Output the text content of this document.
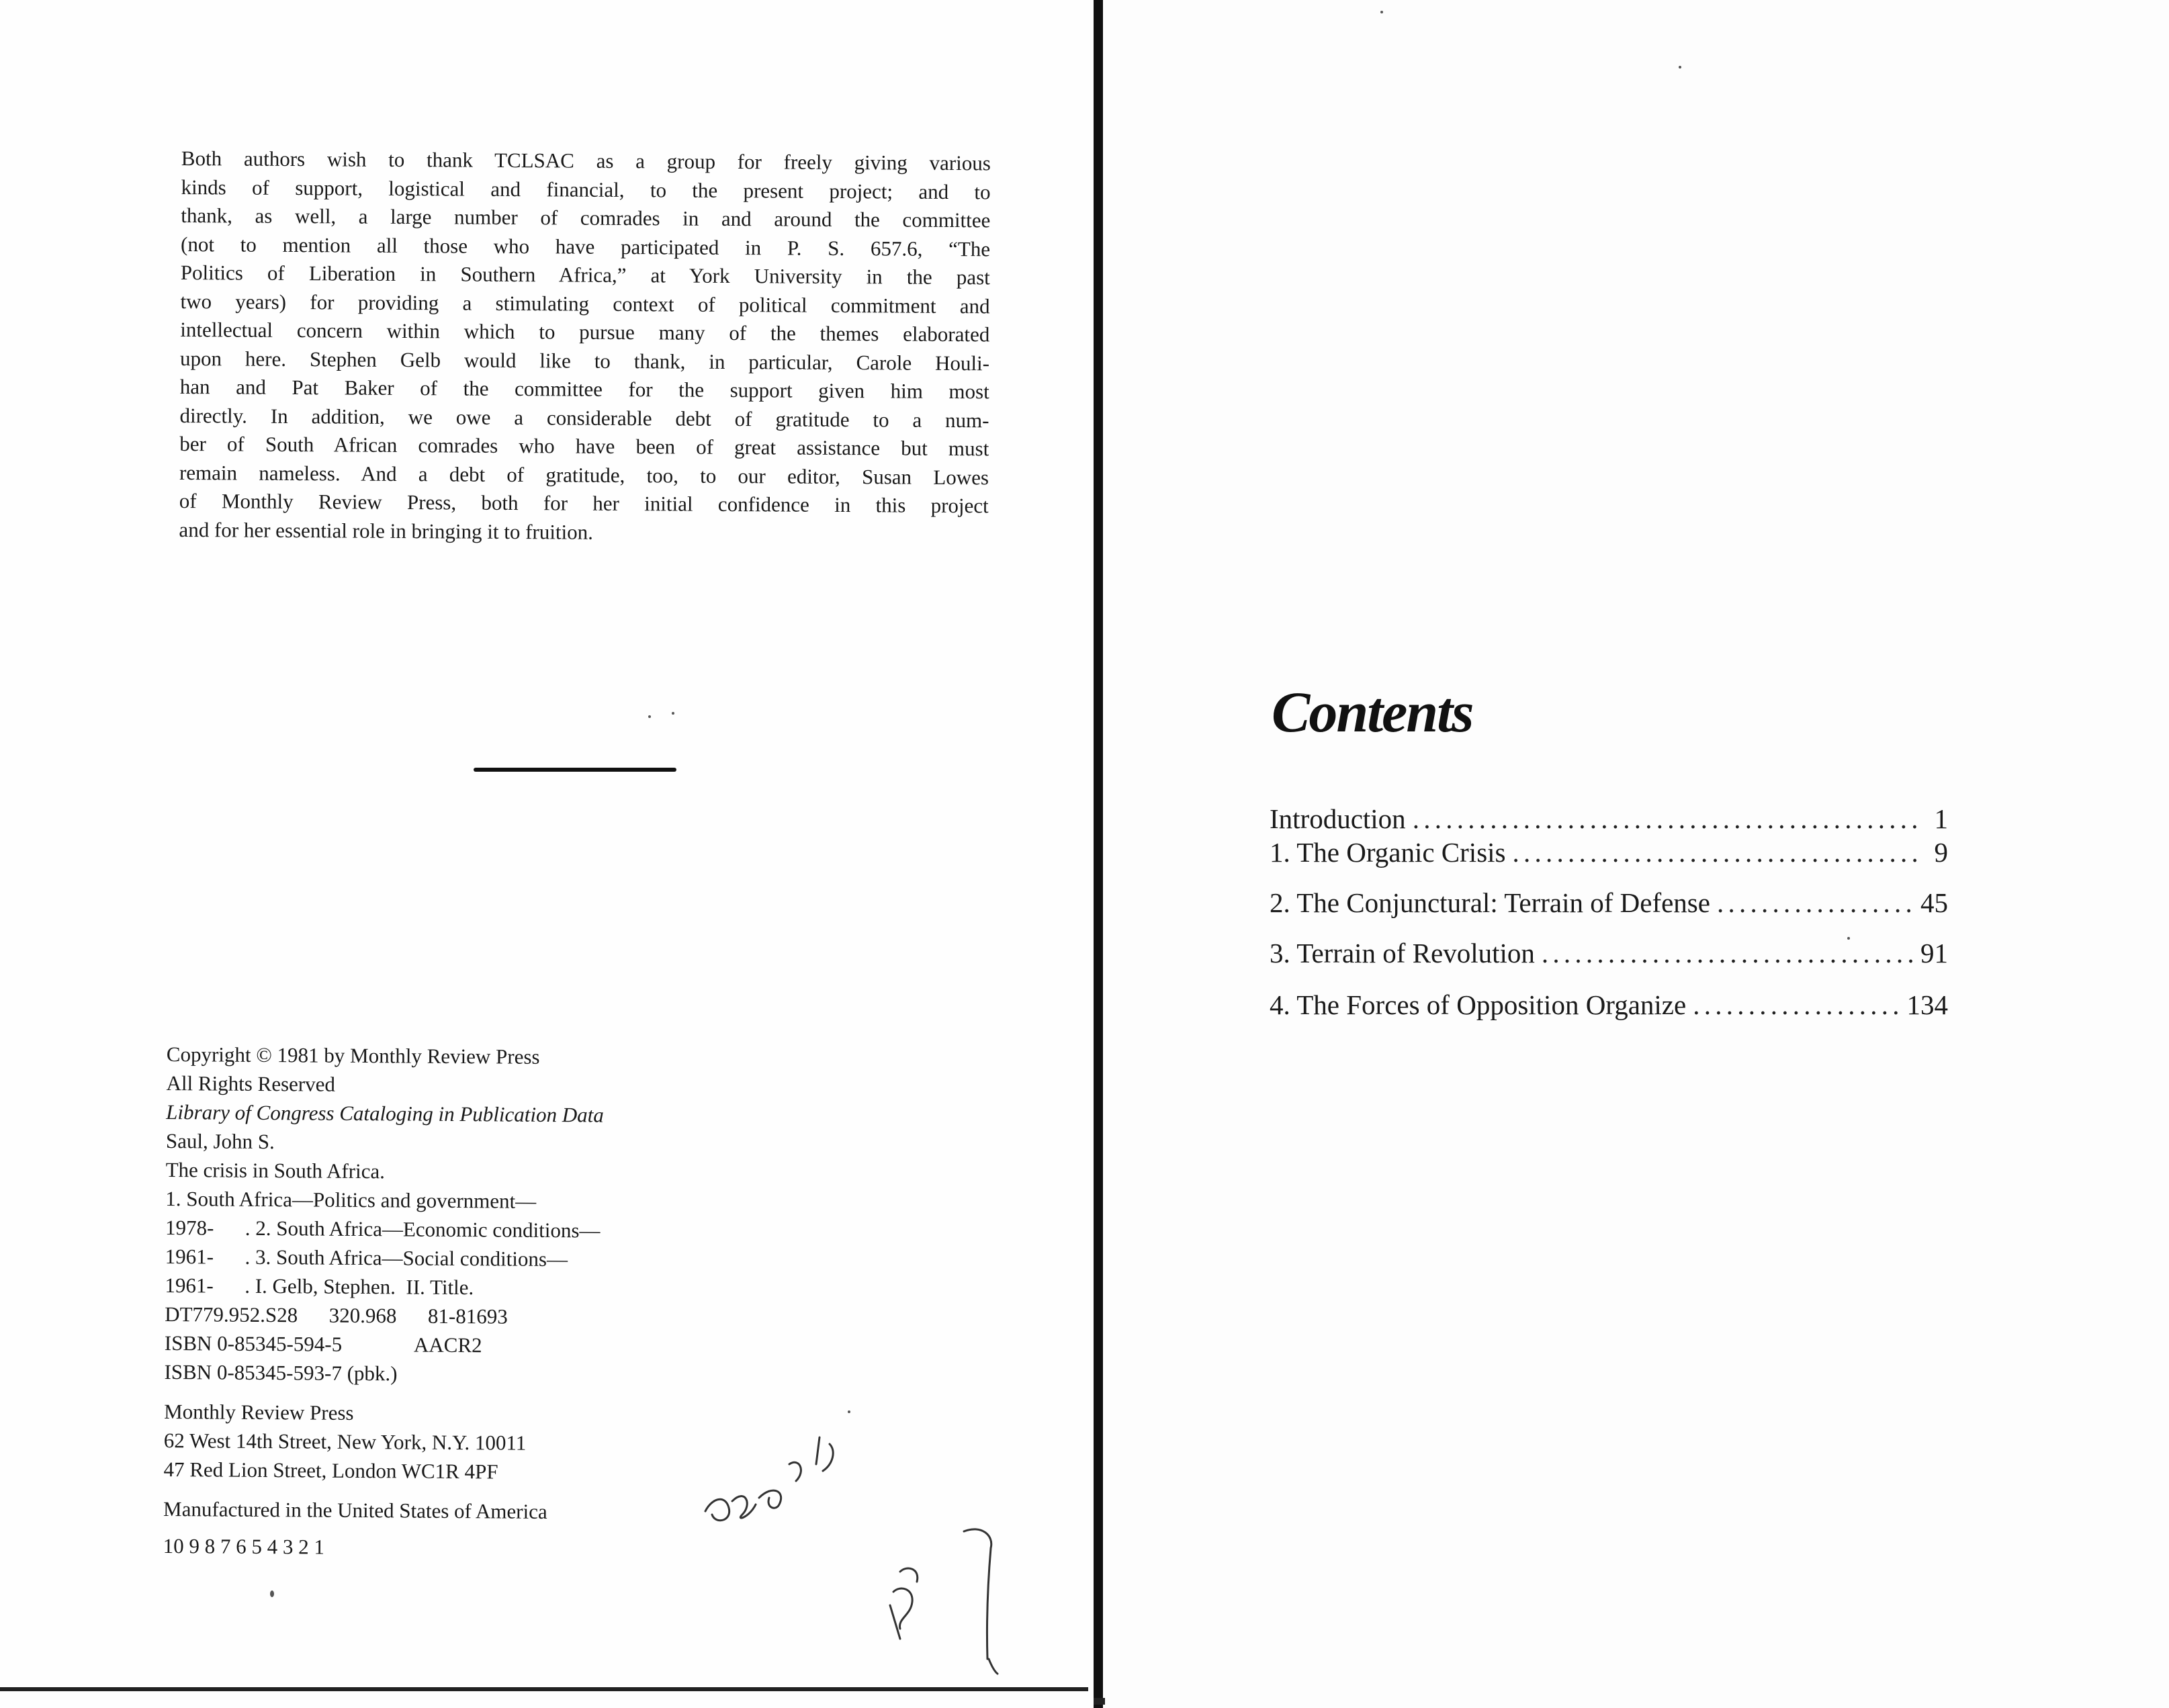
Both authors wish to thank TCLSAC as a group for freely giving various
kinds of support, logistical and financial, to the present project; and to
thank, as well, a large number of comrades in and around the committee
(not to mention all those who have participated in P. S. 657.6, “The
Politics of Liberation in Southern Africa,” at York University in the past
two years) for providing a stimulating context of political commitment and
intellectual concern within which to pursue many of the themes elaborated
upon here. Stephen Gelb would like to thank, in particular, Carole Houli-
han and Pat Baker of the committee for the support given him most
directly. In addition, we owe a considerable debt of gratitude to a num-
ber of South African comrades who have been of great assistance but must
remain nameless. And a debt of gratitude, too, to our editor, Susan Lowes
of Monthly Review Press, both for her initial confidence in this project
and for her essential role in bringing it to fruition.
Copyright © 1981 by Monthly Review Press
All Rights Reserved
Library of Congress Cataloging in Publication Data
Saul, John S.
The crisis in South Africa.
1. South Africa—Politics and government—
1978-      . 2. South Africa—Economic conditions—
1961-      . 3. South Africa—Social conditions—
1961-      . I. Gelb, Stephen.  II. Title.
DT779.952.S28      320.968      81-81693
ISBN 0-85345-594-5              AACR2
ISBN 0-85345-593-7 (pbk.)
Monthly Review Press
62 West 14th Street, New York, N.Y. 10011
47 Red Lion Street, London WC1R 4PF
Manufactured in the United States of America
10 9 8 7 6 5 4 3 2 1
Contents
Introduction . . .	1
1. The Organic Crisis . . .	9
2. The Conjunctural: Terrain of Defense . . .	45
3. Terrain of Revolution . . .	91
4. The Forces of Opposition Organize . . .	134
